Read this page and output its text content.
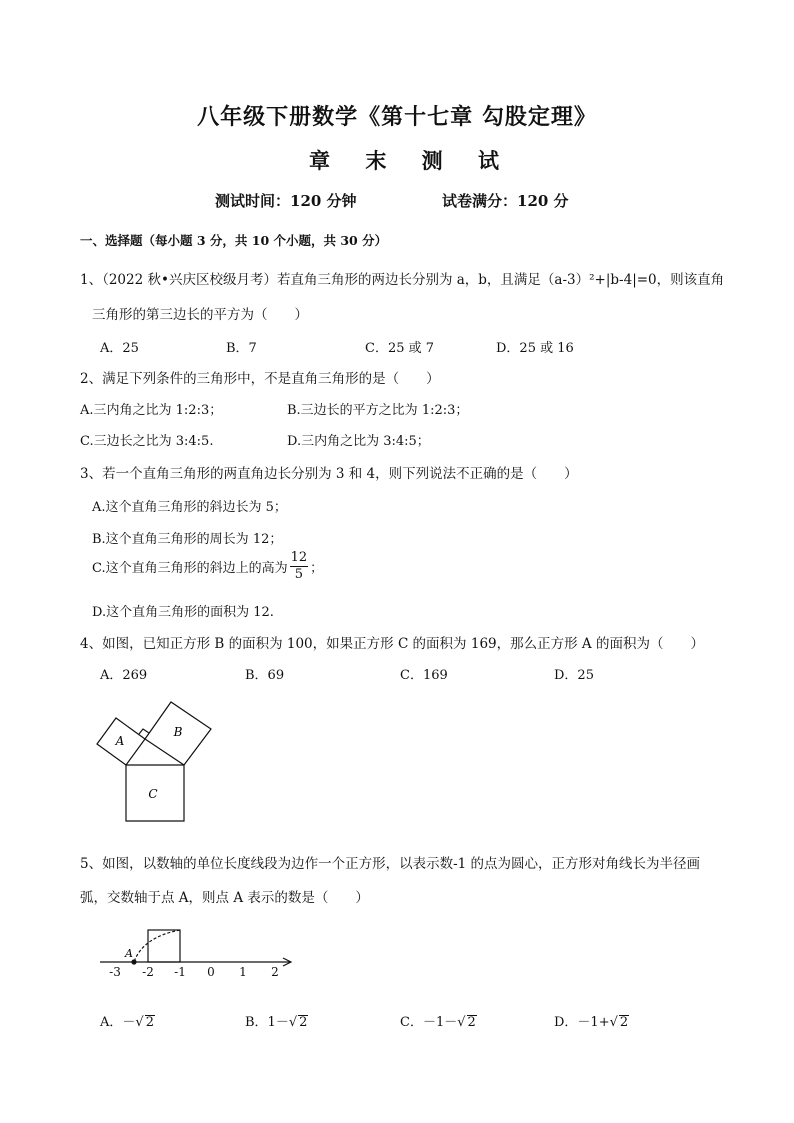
八年级下册数学《第十七章 勾股定理》
章 末 测 试
测试时间：120 分钟	试卷满分：120 分
一、选择题（每小题 3 分，共 10 个小题，共 30 分）
1、（2022 秋•兴庆区校级月考）若直角三角形的两边长分别为 a，b，且满足（a-3）²+|b-4|=0，则该直角
三角形的第三边长的平方为（　　）
A．25	B．7	C．25 或 7	D．25 或 16
2、满足下列条件的三角形中，不是直角三角形的是（　　）
A.三内角之比为 1:2:3；	B.三边长的平方之比为 1:2:3；
C.三边长之比为 3:4:5.	D.三内角之比为 3:4:5；
3、若一个直角三角形的两直角边长分别为 3 和 4，则下列说法不正确的是（　　）
A.这个直角三角形的斜边长为 5；
B.这个直角三角形的周长为 12；
C.这个直角三角形的斜边上的高为 $\frac{12}{5}$ ；
D.这个直角三角形的面积为 12.
4、如图，已知正方形 B 的面积为 100，如果正方形 C 的面积为 169，那么正方形 A 的面积为（　　）
A．269	B．69	C．169	D．25
A
B
C
5、如图，以数轴的单位长度线段为边作一个正方形，以表示数-1 的点为圆心，正方形对角线长为半径画
弧，交数轴于点 A，则点 A 表示的数是（　　）
A
-3 -2 -1 0 1 2
A．－√ 2	B．1－√ 2	C．－1－√ 2	D．－1+√ 2
